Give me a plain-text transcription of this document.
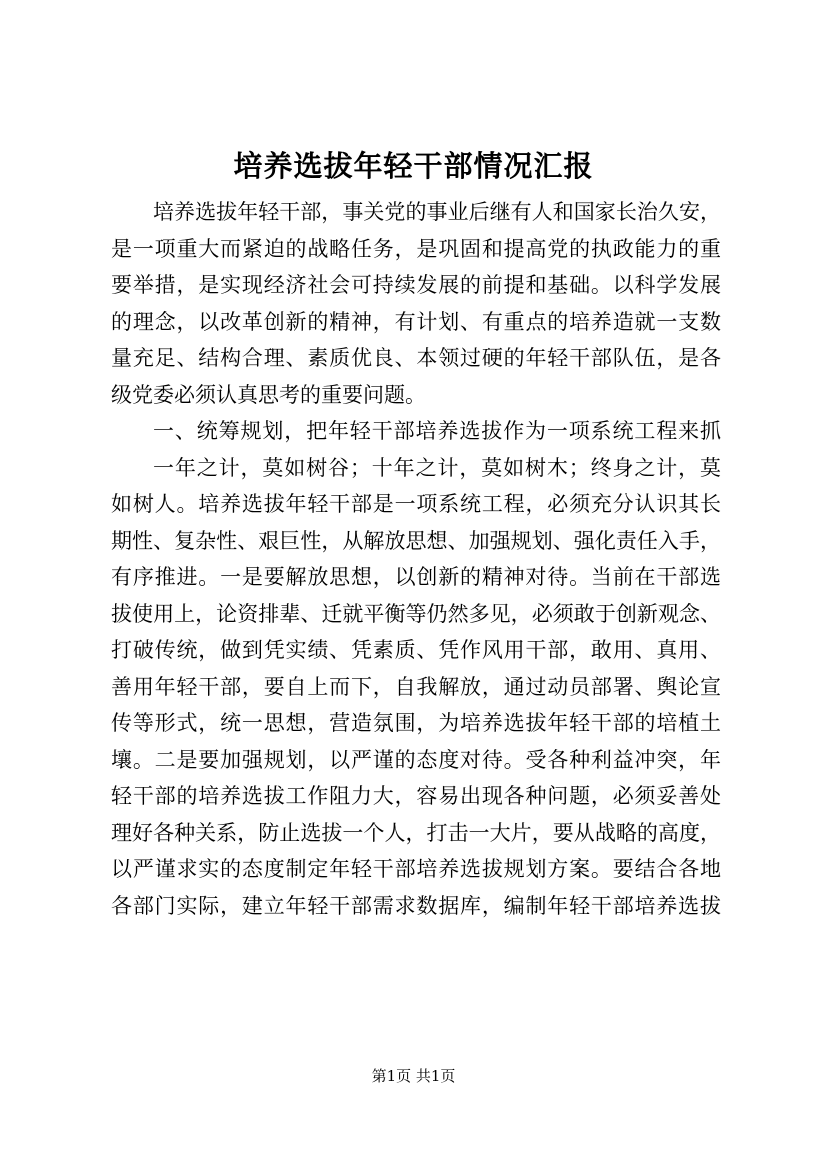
培养选拔年轻干部情况汇报
培养选拔年轻干部，事关党的事业后继有人和国家长治久安，
是一项重大而紧迫的战略任务，是巩固和提高党的执政能力的重
要举措，是实现经济社会可持续发展的前提和基础。以科学发展
的理念，以改革创新的精神，有计划、有重点的培养造就一支数
量充足、结构合理、素质优良、本领过硬的年轻干部队伍，是各
级党委必须认真思考的重要问题。
一、统筹规划，把年轻干部培养选拔作为一项系统工程来抓
一年之计，莫如树谷；十年之计，莫如树木；终身之计，莫
如树人。培养选拔年轻干部是一项系统工程，必须充分认识其长
期性、复杂性、艰巨性，从解放思想、加强规划、强化责任入手，
有序推进。一是要解放思想，以创新的精神对待。当前在干部选
拔使用上，论资排辈、迁就平衡等仍然多见，必须敢于创新观念、
打破传统，做到凭实绩、凭素质、凭作风用干部，敢用、真用、
善用年轻干部，要自上而下，自我解放，通过动员部署、舆论宣
传等形式，统一思想，营造氛围，为培养选拔年轻干部的培植土
壤。二是要加强规划，以严谨的态度对待。受各种利益冲突，年
轻干部的培养选拔工作阻力大，容易出现各种问题，必须妥善处
理好各种关系，防止选拔一个人，打击一大片，要从战略的高度，
以严谨求实的态度制定年轻干部培养选拔规划方案。要结合各地
各部门实际，建立年轻干部需求数据库，编制年轻干部培养选拔
第1页 共1页
